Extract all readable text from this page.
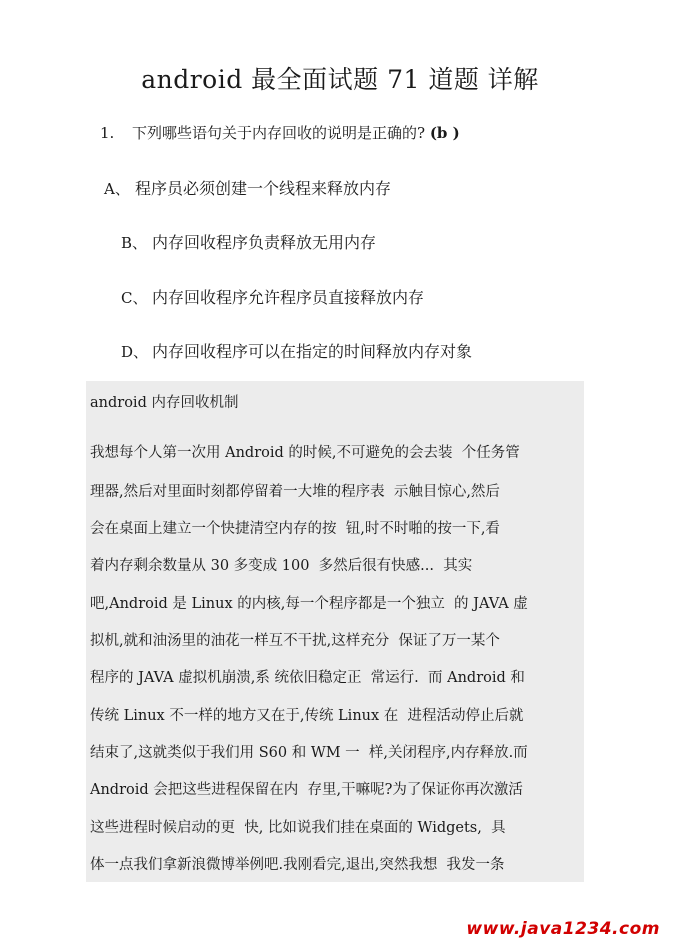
android 最全面试题 71 道题 详解
1. 下列哪些语句关于内存回收的说明是正确的? (b )
A、 程序员必须创建一个线程来释放内存
B、 内存回收程序负责释放无用内存
C、 内存回收程序允许程序员直接释放内存
D、 内存回收程序可以在指定的时间释放内存对象
android 内存回收机制
我想每个人第一次用 Android 的时候,不可避免的会去装  个任务管
理器,然后对里面时刻都停留着一大堆的程序表  示触目惊心,然后
会在桌面上建立一个快捷清空内存的按  钮,时不时啪的按一下,看
着内存剩余数量从 30 多变成 100  多然后很有快感...  其实
吧,Android 是 Linux 的内核,每一个程序都是一个独立  的 JAVA 虚
拟机,就和油汤里的油花一样互不干扰,这样充分  保证了万一某个
程序的 JAVA 虚拟机崩溃,系 统依旧稳定正  常运行.  而 Android 和
传统 Linux 不一样的地方又在于,传统 Linux 在  进程活动停止后就
结束了,这就类似于我们用 S60 和 WM 一  样,关闭程序,内存释放.而
Android 会把这些进程保留在内  存里,干嘛呢?为了保证你再次激活
这些进程时候启动的更  快, 比如说我们挂在桌面的 Widgets,  具
体一点我们拿新浪微博举例吧.我刚看完,退出,突然我想  我发一条
www.java1234.com
